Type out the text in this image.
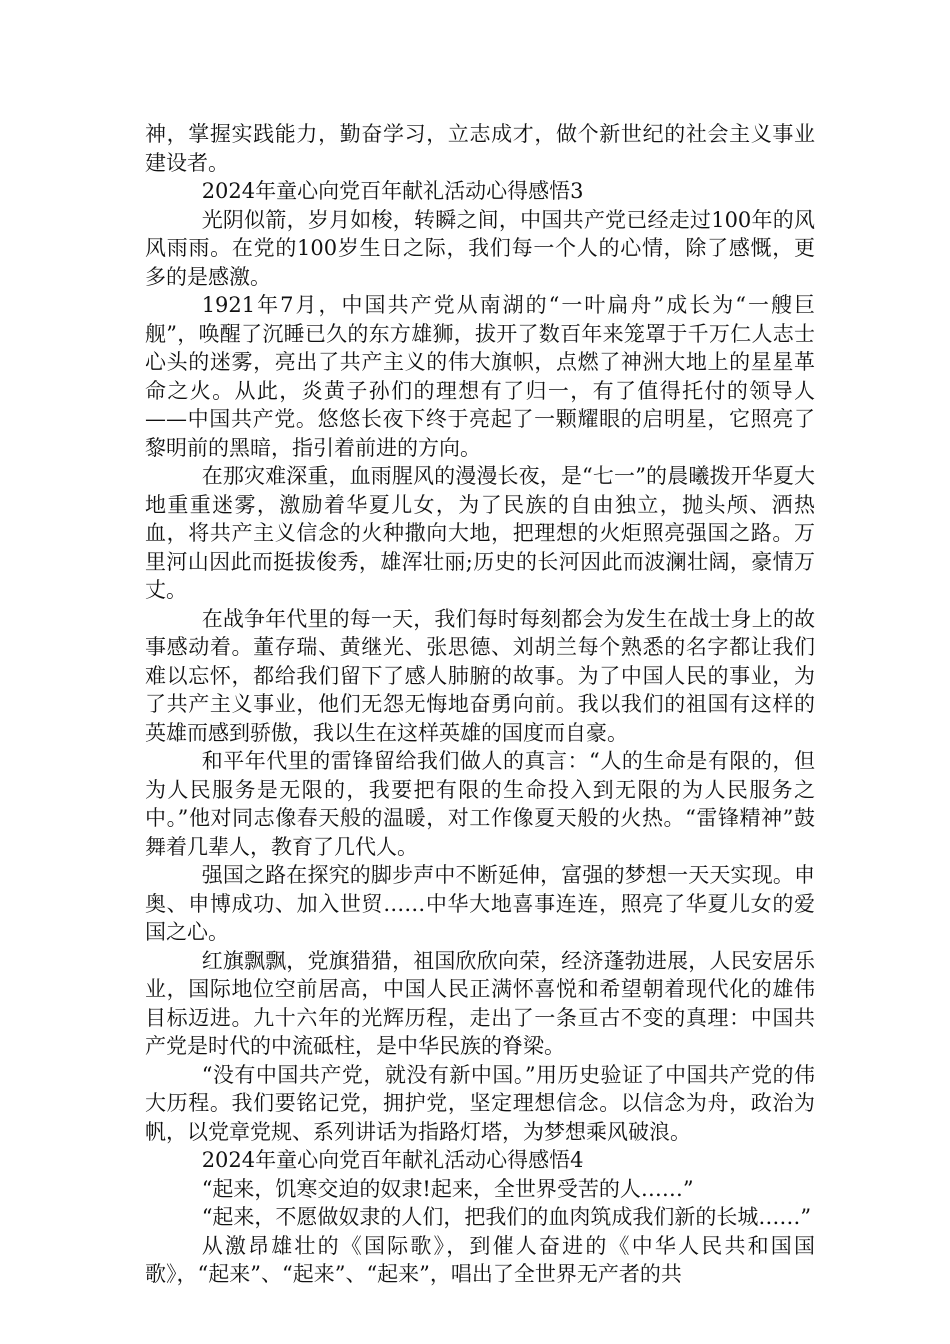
神，掌握实践能力，勤奋学习，立志成才，做个新世纪的社会主义事业建设者。

2024年童心向党百年献礼活动心得感悟3

光阴似箭，岁月如梭，转瞬之间，中国共产党已经走过100年的风风雨雨。在党的100岁生日之际，我们每一个人的心情，除了感慨，更多的是感激。

1921年7月，中国共产党从南湖的“一叶扁舟”成长为“一艘巨舰”，唤醒了沉睡已久的东方雄狮，拔开了数百年来笼罩于千万仁人志士心头的迷雾，亮出了共产主义的伟大旗帜，点燃了神洲大地上的星星革命之火。从此，炎黄子孙们的理想有了归一，有了值得托付的领导人——中国共产党。悠悠长夜下终于亮起了一颗耀眼的启明星，它照亮了黎明前的黑暗，指引着前进的方向。

在那灾难深重，血雨腥风的漫漫长夜，是“七一”的晨曦拨开华夏大地重重迷雾，激励着华夏儿女，为了民族的自由独立，抛头颅、洒热血，将共产主义信念的火种撒向大地，把理想的火炬照亮强国之路。万里河山因此而挺拔俊秀，雄浑壮丽;历史的长河因此而波澜壮阔，豪情万丈。

在战争年代里的每一天，我们每时每刻都会为发生在战士身上的故事感动着。董存瑞、黄继光、张思德、刘胡兰每个熟悉的名字都让我们难以忘怀，都给我们留下了感人肺腑的故事。为了中国人民的事业，为了共产主义事业，他们无怨无悔地奋勇向前。我以我们的祖国有这样的英雄而感到骄傲，我以生在这样英雄的国度而自豪。

和平年代里的雷锋留给我们做人的真言：“人的生命是有限的，但为人民服务是无限的，我要把有限的生命投入到无限的为人民服务之中。”他对同志像春天般的温暖，对工作像夏天般的火热。“雷锋精神”鼓舞着几辈人，教育了几代人。

强国之路在探究的脚步声中不断延伸，富强的梦想一天天实现。申奥、申博成功、加入世贸……中华大地喜事连连，照亮了华夏儿女的爱国之心。

红旗飘飘，党旗猎猎，祖国欣欣向荣，经济蓬勃进展，人民安居乐业，国际地位空前居高，中国人民正满怀喜悦和希望朝着现代化的雄伟目标迈进。九十六年的光辉历程，走出了一条亘古不变的真理：中国共产党是时代的中流砥柱，是中华民族的脊梁。

“没有中国共产党，就没有新中国。”用历史验证了中国共产党的伟大历程。我们要铭记党，拥护党，坚定理想信念。以信念为舟，政治为帆，以党章党规、系列讲话为指路灯塔，为梦想乘风破浪。

2024年童心向党百年献礼活动心得感悟4

“起来，饥寒交迫的奴隶!起来，全世界受苦的人……”

“起来，不愿做奴隶的人们，把我们的血肉筑成我们新的长城……”

从激昂雄壮的《国际歌》，到催人奋进的《中华人民共和国国歌》，“起来”、“起来”、“起来”，唱出了全世界无产者的共
